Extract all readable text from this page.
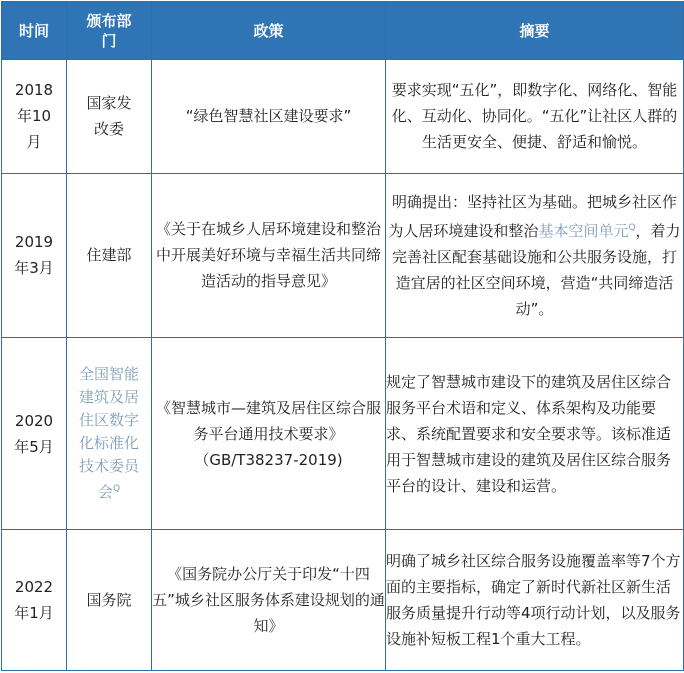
时间	颁布部门	政策	摘要
2018年10月	国家发改委	“绿色智慧社区建设要求”	要求实现“五化”，即数字化、网络化、智能化、互动化、协同化。“五化”让社区人群的生活更安全、便捷、舒适和愉悦。
2019年3月	住建部	《关于在城乡人居环境建设和整治中开展美好环境与幸福生活共同缔造活动的指导意见》	明确提出：坚持社区为基础。把城乡社区作为人居环境建设和整治基本空间单元$^Q$，着力完善社区配套基础设施和公共服务设施，打造宜居的社区空间环境，营造“共同缔造活动”。
2020年5月	全国智能建筑及居住区数字化标准化技术委员会$^Q$	《智慧城市—建筑及居住区综合服务平台通用技术要求》（GB/T38237-2019)	规定了智慧城市建设下的建筑及居住区综合服务平台术语和定义、体系架构及功能要求、系统配置要求和安全要求等。该标准适用于智慧城市建设的建筑及居住区综合服务平台的设计、建设和运营。
2022年1月	国务院	《国务院办公厅关于印发“十四五”城乡社区服务体系建设规划的通知》	明确了城乡社区综合服务设施覆盖率等7个方面的主要指标，确定了新时代新社区新生活服务质量提升行动等4项行动计划，以及服务设施补短板工程1个重大工程。
